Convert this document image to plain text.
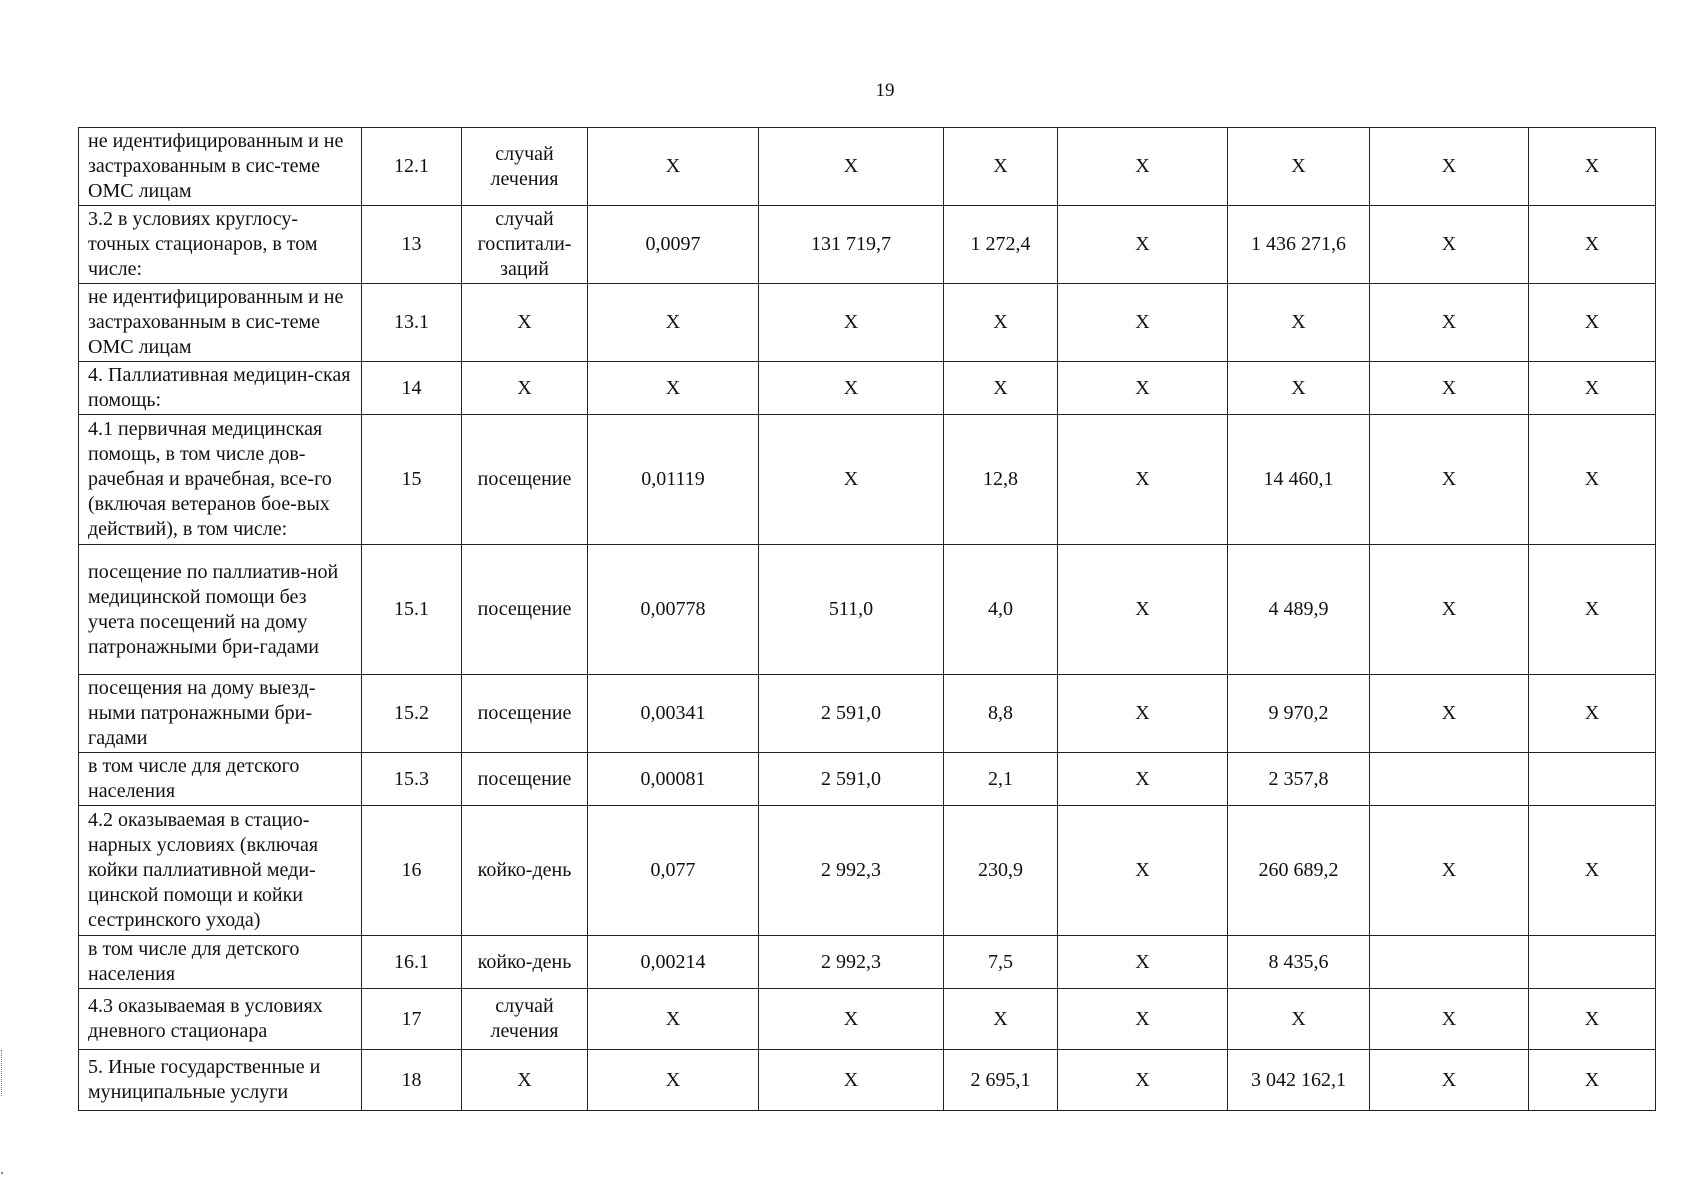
19
не идентифицированным и не застрахованным в сис-теме ОМС лицам	12.1	случай лечения	X	X	X	X	X	X	X
3.2 в условиях круглосу-точных стационаров, в том числе:	13	случай госпитали-заций	0,0097	131 719,7	1 272,4	X	1 436 271,6	X	X
не идентифицированным и не застрахованным в сис-теме ОМС лицам	13.1	X	X	X	X	X	X	X	X
4. Паллиативная медицин-ская помощь:	14	X	X	X	X	X	X	X	X
4.1 первичная медицинская помощь, в том числе дов-рачебная и врачебная, все-го (включая ветеранов бое-вых действий), в том числе:	15	посещение	0,01119	X	12,8	X	14 460,1	X	X
посещение по паллиатив-ной медицинской помощи без учета посещений на дому патронажными бри-гадами	15.1	посещение	0,00778	511,0	4,0	X	4 489,9	X	X
посещения на дому выезд-ными патронажными бри-гадами	15.2	посещение	0,00341	2 591,0	8,8	X	9 970,2	X	X
в том числе для детского населения	15.3	посещение	0,00081	2 591,0	2,1	X	2 357,8		
4.2 оказываемая в стацио-нарных условиях (включая койки паллиативной меди-цинской помощи и койки сестринского ухода)	16	койко-день	0,077	2 992,3	230,9	X	260 689,2	X	X
в том числе для детского населения	16.1	койко-день	0,00214	2 992,3	7,5	X	8 435,6		
4.3 оказываемая в условиях дневного стационара	17	случай лечения	X	X	X	X	X	X	X
5. Иные государственные и муниципальные услуги	18	X	X	X	2 695,1	X	3 042 162,1	X	X
